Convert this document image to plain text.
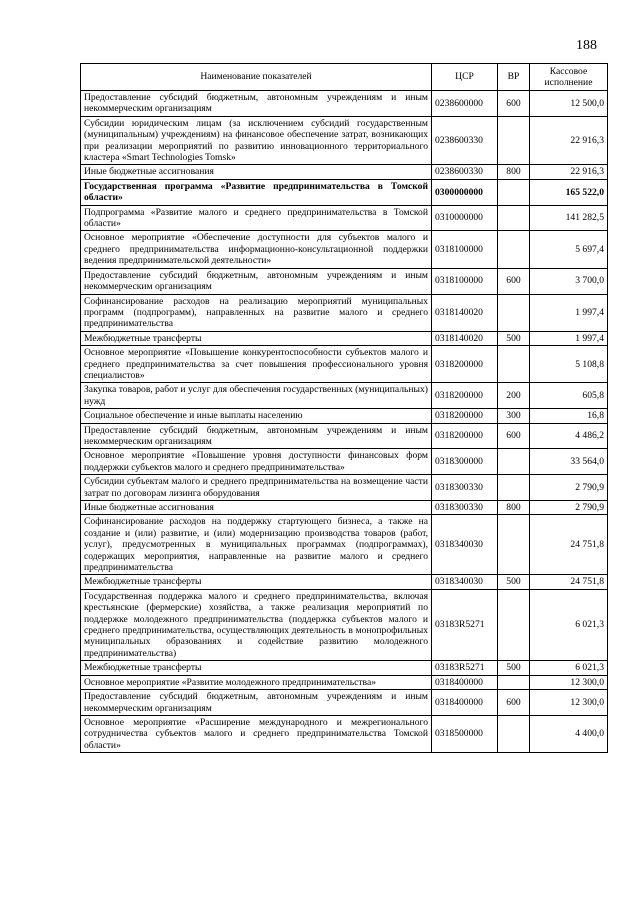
188
Наименование показателей	ЦСР	ВР	Кассовое исполнение
Предоставление субсидий бюджетным, автономным учреждениям и иным некоммерческим организациям	0238600000	600	12 500,0
Субсидии юридическим лицам (за исключением субсидий государственным (муниципальным) учреждениям) на финансовое обеспечение затрат, возникающих при реализации мероприятий по развитию инновационного территориального кластера «Smart Technologies Tomsk»	0238600330		22 916,3
Иные бюджетные ассигнования	0238600330	800	22 916,3
Государственная программа «Развитие предпринимательства в Томской области»	0300000000		165 522,0
Подпрограмма «Развитие малого и среднего предпринимательства в Томской области»	0310000000		141 282,5
Основное мероприятие «Обеспечение доступности для субъектов малого и среднего предпринимательства информационно-консультационной поддержки ведения предпринимательской деятельности»	0318100000		5 697,4
Предоставление субсидий бюджетным, автономным учреждениям и иным некоммерческим организациям	0318100000	600	3 700,0
Софинансирование расходов на реализацию мероприятий муниципальных программ (подпрограмм), направленных на развитие малого и среднего предпринимательства	0318140020		1 997,4
Межбюджетные трансферты	0318140020	500	1 997,4
Основное мероприятие «Повышение конкурентоспособности субъектов малого и среднего предпринимательства за счет повышения профессионального уровня специалистов»	0318200000		5 108,8
Закупка товаров, работ и услуг для обеспечения государственных (муниципальных) нужд	0318200000	200	605,8
Социальное обеспечение и иные выплаты населению	0318200000	300	16,8
Предоставление субсидий бюджетным, автономным учреждениям и иным некоммерческим организациям	0318200000	600	4 486,2
Основное мероприятие «Повышение уровня доступности финансовых форм поддержки субъектов малого и среднего предпринимательства»	0318300000		33 564,0
Субсидии субъектам малого и среднего предпринимательства на возмещение части затрат по договорам лизинга оборудования	0318300330		2 790,9
Иные бюджетные ассигнования	0318300330	800	2 790,9
Софинансирование расходов на поддержку стартующего бизнеса, а также на создание и (или) развитие, и (или) модернизацию производства товаров (работ, услуг), предусмотренных в муниципальных программах (подпрограммах), содержащих мероприятия, направленные на развитие малого и среднего предпринимательства	0318340030		24 751,8
Межбюджетные трансферты	0318340030	500	24 751,8
Государственная поддержка малого и среднего предпринимательства, включая крестьянские (фермерские) хозяйства, а также реализация мероприятий по поддержке молодежного предпринимательства (поддержка субъектов малого и среднего предпринимательства, осуществляющих деятельность в монопрофильных муниципальных образованиях и содействие развитию молодежного предпринимательства)	03183R5271		6 021,3
Межбюджетные трансферты	03183R5271	500	6 021,3
Основное мероприятие «Развитие молодежного предпринимательства»	0318400000		12 300,0
Предоставление субсидий бюджетным, автономным учреждениям и иным некоммерческим организациям	0318400000	600	12 300,0
Основное мероприятие «Расширение международного и межрегионального сотрудничества субъектов малого и среднего предпринимательства Томской области»	0318500000		4 400,0
